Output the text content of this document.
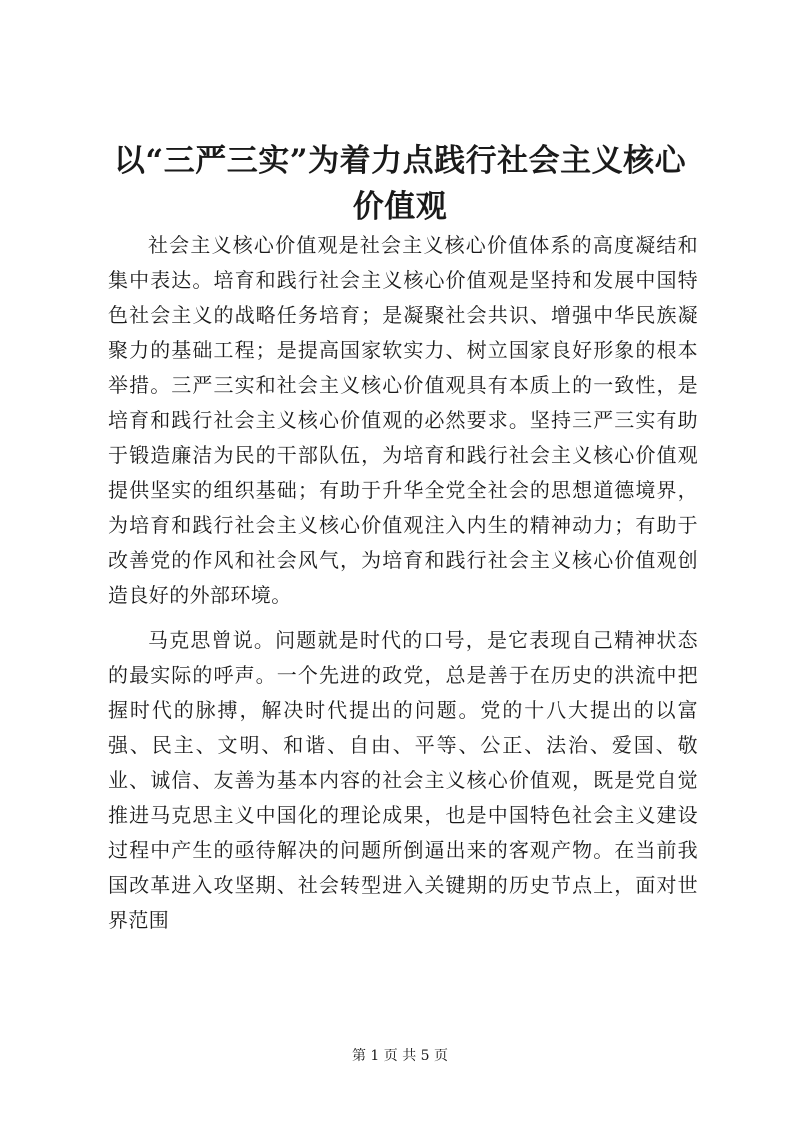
以“三严三实”为着力点践行社会主义核心价值观

社会主义核心价值观是社会主义核心价值体系的高度凝结和集中表达。培育和践行社会主义核心价值观是坚持和发展中国特色社会主义的战略任务培育；是凝聚社会共识、增强中华民族凝聚力的基础工程；是提高国家软实力、树立国家良好形象的根本举措。三严三实和社会主义核心价值观具有本质上的一致性，是培育和践行社会主义核心价值观的必然要求。坚持三严三实有助于锻造廉洁为民的干部队伍，为培育和践行社会主义核心价值观提供坚实的组织基础；有助于升华全党全社会的思想道德境界，为培育和践行社会主义核心价值观注入内生的精神动力；有助于改善党的作风和社会风气，为培育和践行社会主义核心价值观创造良好的外部环境。

马克思曾说。问题就是时代的口号，是它表现自己精神状态的最实际的呼声。一个先进的政党，总是善于在历史的洪流中把握时代的脉搏，解决时代提出的问题。党的十八大提出的以富强、民主、文明、和谐、自由、平等、公正、法治、爱国、敬业、诚信、友善为基本内容的社会主义核心价值观，既是党自觉推进马克思主义中国化的理论成果，也是中国特色社会主义建设过程中产生的亟待解决的问题所倒逼出来的客观产物。在当前我国改革进入攻坚期、社会转型进入关键期的历史节点上，面对世界范围

第 1 页 共 5 页
